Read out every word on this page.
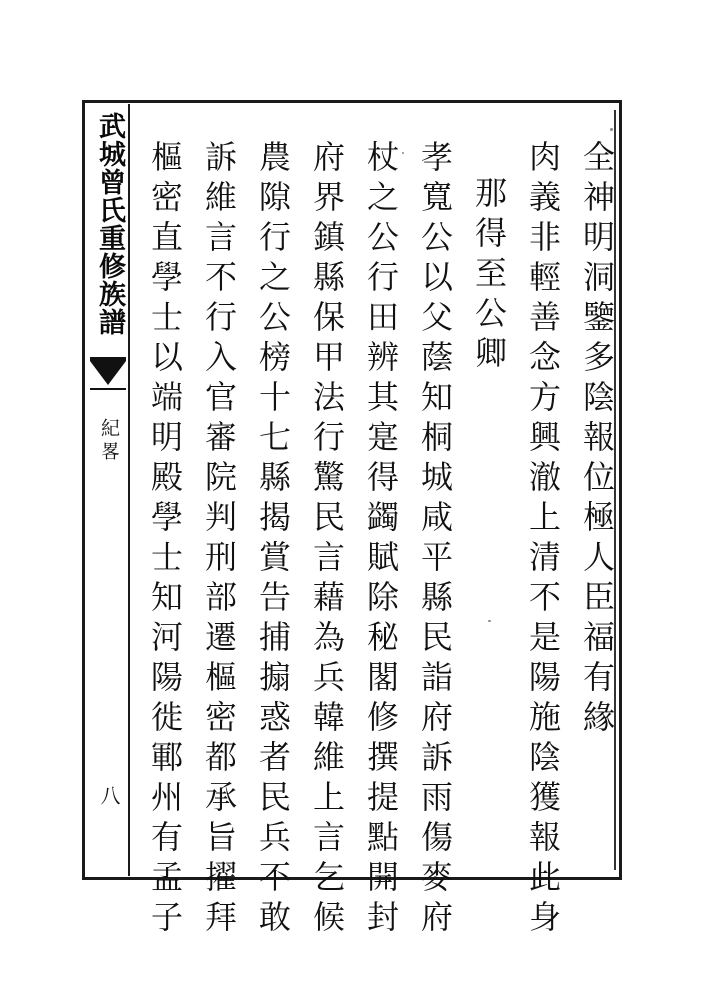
武城曾氏重修族譜
紀畧
八
全神明洞鑒多陰報位極人臣福有緣
肉義非輕善念方興澈上清不是陽施陰獲報此身
那得至公卿
孝寬公以父蔭知桐城咸平縣民詣府訴雨傷麥府
杖之公行田辨其寔得蠲賦除秘閣修撰提點開封
府界鎮縣保甲法行驚民言藉為兵韓維上言乞候
農隙行之公榜十七縣揭賞告捕搧惑者民兵不敢
訴維言不行入官審院判刑部遷樞密都承旨擢拜
樞密直學士以端明殿學士知河陽徙鄆州有孟子
